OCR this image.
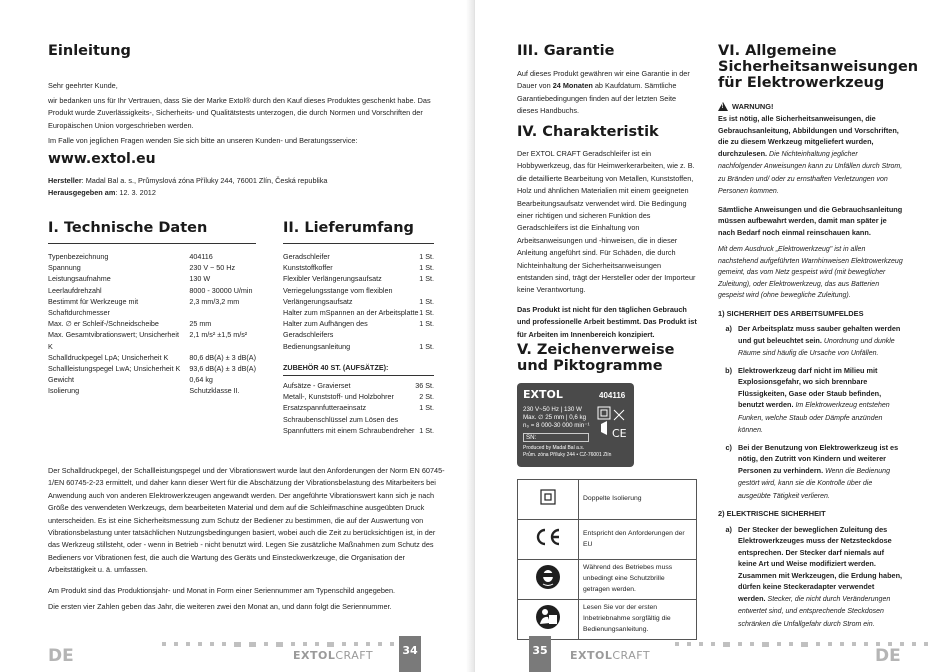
Einleitung
Sehr geehrter Kunde,
wir bedanken uns für Ihr Vertrauen, dass Sie der Marke Extol® durch den Kauf dieses Produktes geschenkt habe. Das Produkt wurde Zuverlässigkeits-, Sicherheits- und Qualitätstests unterzogen, die durch Normen und Vorschriften der Europäischen Union vorgeschrieben werden.
Im Falle von jeglichen Fragen wenden Sie sich bitte an unseren Kunden- und Beratungsservice:
www.extol.eu
Hersteller: Madal Bal a. s., Průmyslová zóna Příluky 244, 76001 Zlín, Česká republika
Herausgegeben am: 12. 3. 2012
I. Technische Daten
Typenbezeichnung	404116
Spannung	230 V ~ 50 Hz
Leistungsaufnahme	130 W
Leerlaufdrehzahl	8000 - 30000 U/min
Bestimmt für Werkzeuge mit Schaftdurchmesser	2,3 mm/3,2 mm
Max. ∅ er Schleif-/Schneidscheibe	25 mm
Max. Gesamtvibrationswert; Unsicherheit K	2,1 m/s² ±1,5 m/s²
Schalldruckpegel LpA; Unsicherheit K	80,6 dB(A) ± 3 dB(A)
Schallleistungspegel LwA; Unsicherheit K	93,6 dB(A) ± 3 dB(A)
Gewicht	0,64 kg
Isolierung	Schutzklasse II.
II. Lieferumfang
Geradschleifer	1 St.
Kunststoffkoffer	1 St.
Flexibler Verlängerungsaufsatz	1 St.
Verriegelungsstange vom flexiblen	
Verlängerungsaufsatz	1 St.
Halter zum mSpannen an der Arbeitsplatte	1 St.
Halter zum Aufhängen des Geradschleifers	1 St.
Bedienungsanleitung	1 St.
ZUBEHÖR 40 ST. (AUFSÄTZE):
Aufsätze - Gravierset	36 St.
Metall-, Kunststoff- und Holzbohrer	2 St.
Ersatzspannfutteraeinsatz	1 St.
Schraubenschlüssel zum Lösen des	
Spannfutters mit einem Schraubendreher	1 St.
Der Schalldruckpegel, der Schallleistungspegel und der Vibrationswert wurde laut den Anforderungen der Norm EN 60745-1/EN 60745-2-23 ermittelt, und daher kann dieser Wert für die Abschätzung der Vibrationsbelastung des Mitarbeiters bei Anwendung auch von anderen Elektrowerkzeugen angewandt werden. Der angeführte Vibrationswert kann sich je nach Größe des verwendeten Werkzeugs, dem bearbeiteten Material und dem auf die Schleifmaschine ausgeübten Druck unterscheiden. Es ist eine Sicherheitsmessung zum Schutz der Bediener zu bestimmen, die auf der Auswertung von Vibrationsbelastung unter tatsächlichen Nutzungsbedingungen basiert, wobei auch die Zeit zu berücksichtigen ist, in der das Werkzeug stillsteht, oder - wenn in Betrieb - nicht benutzt wird. Legen Sie zusätzliche Maßnahmen zum Schutz des Bedieners vor Vibrationen fest, die auch die Wartung des Geräts und Einsteckwerkzeuge, die Organisation der Arbeitstätigkeit u. ä. umfassen.
Am Produkt sind das Produktionsjahr- und Monat in Form einer Seriennummer am Typenschild angegeben.
Die ersten vier Zahlen geben das Jahr, die weiteren zwei den Monat an, und dann folgt die Seriennummer.
DE	EXTOLCRAFT	34
III. Garantie
Auf dieses Produkt gewähren wir eine Garantie in der Dauer von 24 Monaten ab Kaufdatum. Sämtliche Garantiebedingungen finden auf der letzten Seite dieses Handbuchs.
IV. Charakteristik
Der EXTOL CRAFT Geradschleifer ist ein Hobbywerkzeug, das für Heimwerkerarbeiten, wie z. B. die detaillierte Bearbeitung von Metallen, Kunststoffen, Holz und ähnlichen Materialien mit einem geeigneten Bearbeitungsaufsatz verwendet wird. Die Bedingung einer richtigen und sicheren Funktion des Geradschleifers ist die Einhaltung von Arbeitsanweisungen und -hinweisen, die in dieser Anleitung angeführt sind. Für Schäden, die durch Nichteinhaltung der Sicherheitsanweisungen entstanden sind, trägt der Hersteller oder der Importeur keine Verantwortung.
Das Produkt ist nicht für den täglichen Gebrauch und professionelle Arbeit bestimmt. Das Produkt ist für Arbeiten im Innenbereich konzipiert.
V. Zeichenverweise
und Piktogramme
EXTOL	404116
230 V~50 Hz | 130 W
Max. ∅ 25 mm | 0,6 kg
n₀ = 8 000-30 000 min⁻¹
SN:
Produced by Madal Bal a.s.
Prům. zóna Příluky 244 • CZ-76001 Zlín
CE
	Doppelte Isolierung
	Entspricht den Anforderungen der EU
	Während des Betriebes muss unbedingt eine Schutzbrille getragen werden.
	Lesen Sie vor der ersten Inbetriebnahme sorgfältig die Bedienungsanleitung.
VI. Allgemeine
Sicherheitsanweisungen
für Elektrowerkzeug
!
WARNUNG!
Es ist nötig, alle Sicherheitsanweisungen, die Gebrauchsanleitung, Abbildungen und Vorschriften, die zu diesem Werkzeug mitgeliefert wurden, durchzulesen. Die Nichteinhaltung jeglicher nachfolgender Anweisungen kann zu Unfällen durch Strom, zu Bränden und/ oder zu ernsthaften Verletzungen von Personen kommen.
Sämtliche Anweisungen und die Gebrauchsanleitung müssen aufbewahrt werden, damit man später je nach Bedarf noch einmal reinschauen kann.
Mit dem Ausdruck „Elektrowerkzeug" ist in allen nachstehend aufgeführten Warnhinweisen Elektrowerkzeug gemeint, das vom Netz gespeist wird (mit beweglicher Zuleitung), oder Elektrowerkzeug, das aus Batterien gespeist wird (ohne bewegliche Zuleitung).
1) SICHERHEIT DES ARBEITSUMFELDES
a) Der Arbeitsplatz muss sauber gehalten werden und gut beleuchtet sein. Unordnung und dunkle Räume sind häufig die Ursache von Unfällen.
b) Elektrowerkzeug darf nicht im Milieu mit Explosionsgefahr, wo sich brennbare Flüssigkeiten, Gase oder Staub befinden, benutzt werden. Im Elektrowerkzeug entstehen Funken, welche Staub oder Dämpfe anzünden können.
c) Bei der Benutzung von Elektrowerkzeug ist es nötig, den Zutritt von Kindern und weiterer Personen zu verhindern. Wenn die Bedienung gestört wird, kann sie die Kontrolle über die ausgeübte Tätigkeit verlieren.
2) ELEKTRISCHE SICHERHEIT
a) Der Stecker der beweglichen Zuleitung des Elektrowerkzeuges muss der Netzsteckdose entsprechen. Der Stecker darf niemals auf keine Art und Weise modifiziert werden. Zusammen mit Werkzeugen, die Erdung haben, dürfen keine Steckeradapter verwendet werden. Stecker, die nicht durch Veränderungen entwertet sind, und entsprechende Steckdosen schränken die Unfallgefahr durch Strom ein.
35	EXTOLCRAFT	DE
